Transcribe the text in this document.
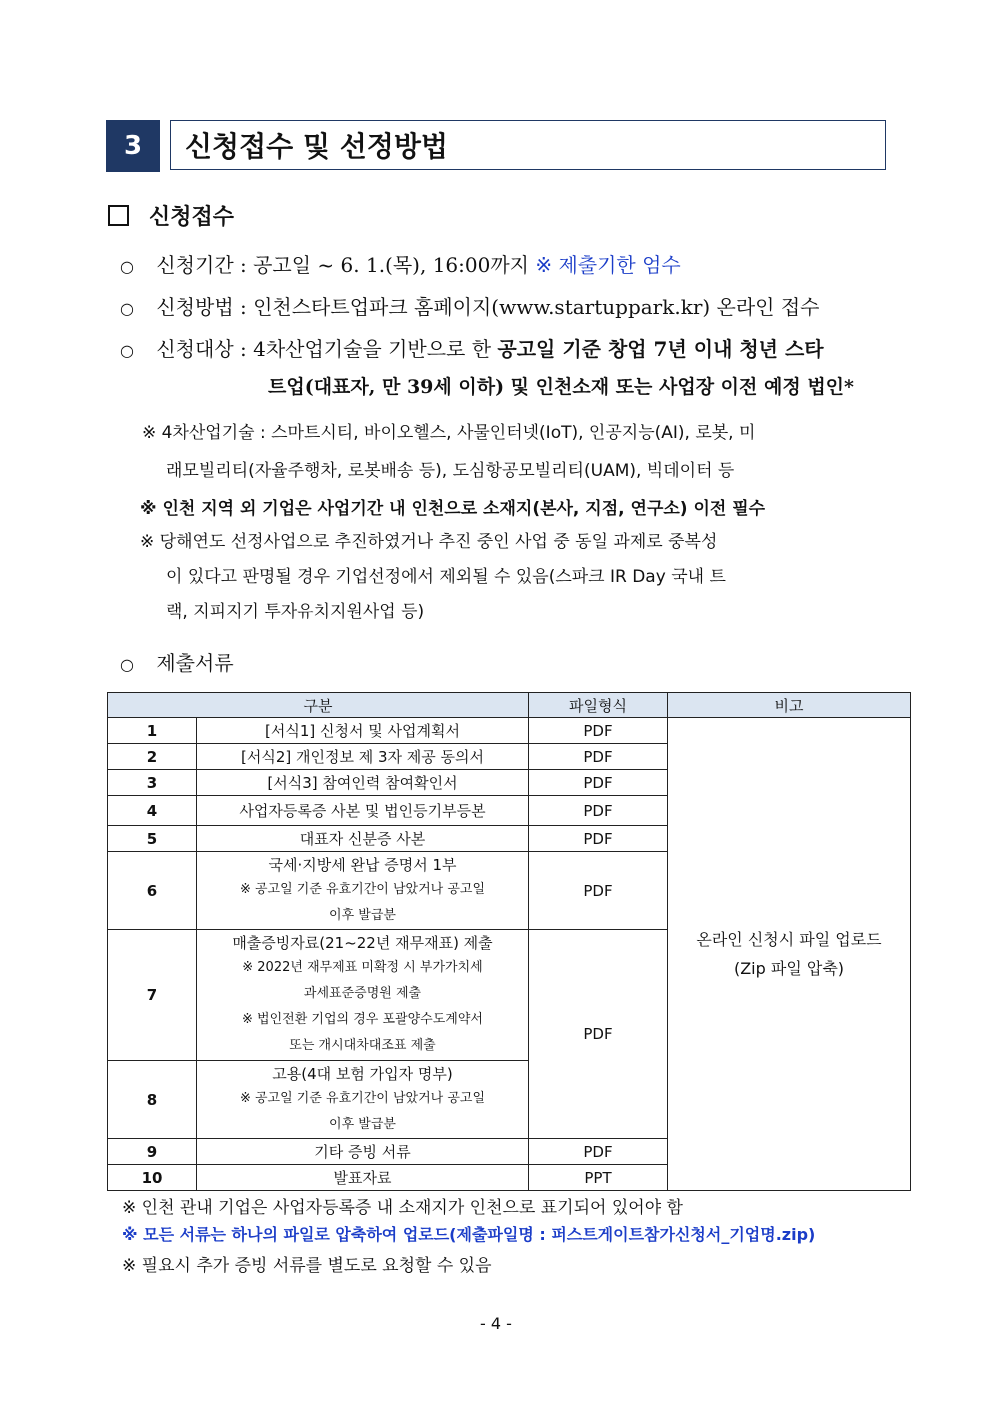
3	신청접수 및 선정방법
신청접수
○ 신청기간 : 공고일 ~ 6. 1.(목), 16:00까지 ※ 제출기한 엄수
○ 신청방법 : 인천스타트업파크 홈페이지(www.startuppark.kr) 온라인 접수
○ 신청대상 : 4차산업기술을 기반으로 한 공고일 기준 창업 7년 이내 청년 스타
트업(대표자, 만 39세 이하) 및 인천소재 또는 사업장 이전 예정 법인*
※ 4차산업기술 : 스마트시티, 바이오헬스, 사물인터넷(IoT), 인공지능(AI), 로봇, 미
래모빌리티(자율주행차, 로봇배송 등), 도심항공모빌리티(UAM), 빅데이터 등
※ 인천 지역 외 기업은 사업기간 내 인천으로 소재지(본사, 지점, 연구소) 이전 필수
※ 당해연도 선정사업으로 추진하였거나 추진 중인 사업 중 동일 과제로 중복성
이 있다고 판명될 경우 기업선정에서 제외될 수 있음(스파크 IR Day 국내 트
랙, 지피지기 투자유치지원사업 등)
○ 제출서류
구분		파일형식	비고
1	[서식1] 신청서 및 사업계획서	PDF	온라인 신청시 파일 업로드
(Zip 파일 압축)

2	[서식2] 개인정보 제 3자 제공 동의서	PDF	
3	[서식3] 참여인력 참여확인서	PDF	
4	사업자등록증 사본 및 법인등기부등본	PDF	
5	대표자 신분증 사본	PDF	
6	국세·지방세 완납 증명서 1부
※ 공고일 기준 유효기간이 남았거나 공고일
이후 발급분	PDF	
7	매출증빙자료(21~22년 재무재표) 제출
※ 2022년 재무제표 미확정 시 부가가치세
과세표준증명원 제출
※ 법인전환 기업의 경우 포괄양수도계약서
또는 개시대차대조표 제출	PDF	
8	고용(4대 보험 가입자 명부)
※ 공고일 기준 유효기간이 남았거나 공고일
이후 발급분		

9	기타 증빙 서류	PDF	
10	발표자료	PPT	
※ 인천 관내 기업은 사업자등록증 내 소재지가 인천으로 표기되어 있어야 함
※ 모든 서류는 하나의 파일로 압축하여 업로드(제출파일명 : 퍼스트게이트참가신청서_기업명.zip)
※ 필요시 추가 증빙 서류를 별도로 요청할 수 있음
- 4 -
